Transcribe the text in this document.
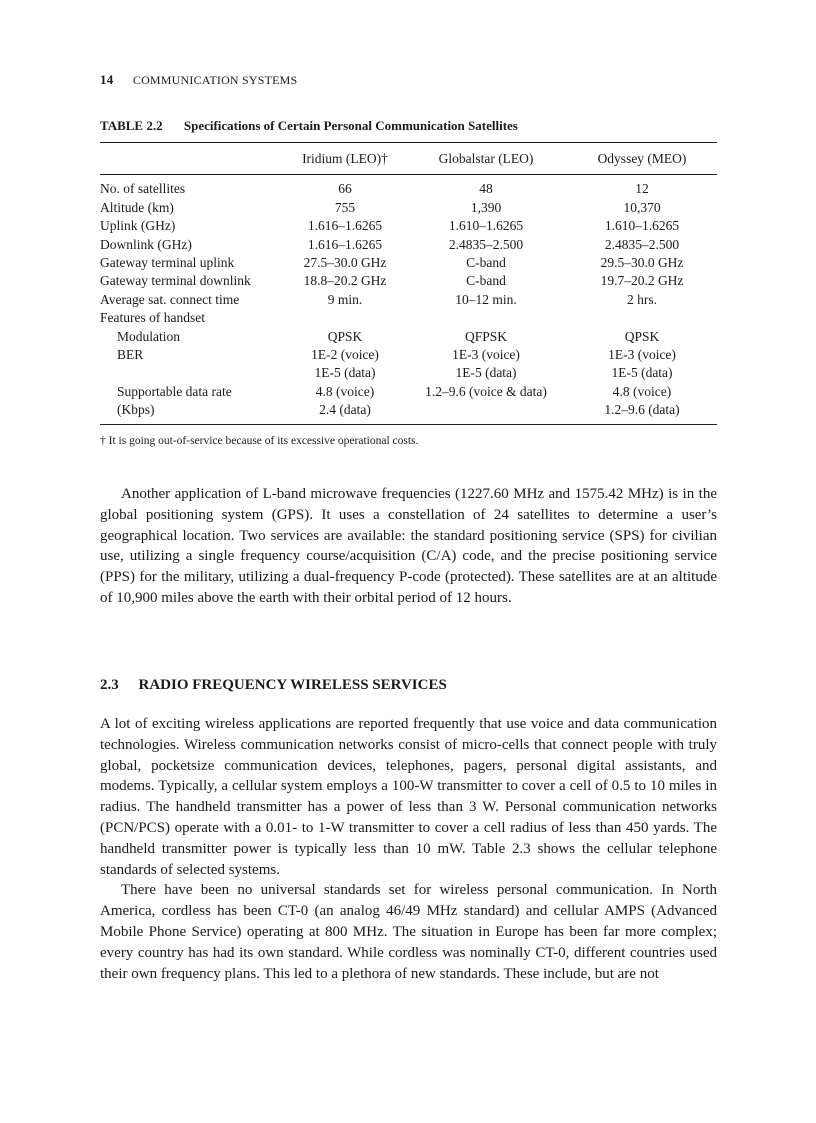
14 COMMUNICATION SYSTEMS
TABLE 2.2 Specifications of Certain Personal Communication Satellites
	Iridium (LEO)†	Globalstar (LEO)	Odyssey (MEO)
No. of satellites	66	48	12
Altitude (km)	755	1,390	10,370
Uplink (GHz)	1.616–1.6265	1.610–1.6265	1.610–1.6265
Downlink (GHz)	1.616–1.6265	2.4835–2.500	2.4835–2.500
Gateway terminal uplink	27.5–30.0 GHz	C-band	29.5–30.0 GHz
Gateway terminal downlink	18.8–20.2 GHz	C-band	19.7–20.2 GHz
Average sat. connect time	9 min.	10–12 min.	2 hrs.
Features of handset			
Modulation	QPSK	QFPSK	QPSK
BER	1E-2 (voice)	1E-3 (voice)	1E-3 (voice)
	1E-5 (data)	1E-5 (data)	1E-5 (data)
Supportable data rate	4.8 (voice)	1.2–9.6 (voice & data)	4.8 (voice)
(Kbps)	2.4 (data)		1.2–9.6 (data)
† It is going out-of-service because of its excessive operational costs.

Another application of L-band microwave frequencies (1227.60 MHz and 1575.42 MHz) is in the global positioning system (GPS). It uses a constellation of 24 satellites to determine a user’s geographical location. Two services are available: the standard positioning service (SPS) for civilian use, utilizing a single frequency course/acquisition (C/A) code, and the precise positioning service (PPS) for the military, utilizing a dual-frequency P-code (protected). These satellites are at an altitude of 10,900 miles above the earth with their orbital period of 12 hours.

2.3 RADIO FREQUENCY WIRELESS SERVICES

A lot of exciting wireless applications are reported frequently that use voice and data communication technologies. Wireless communication networks consist of micro-cells that connect people with truly global, pocketsize communication devices, telephones, pagers, personal digital assistants, and modems. Typically, a cellular system employs a 100-W transmitter to cover a cell of 0.5 to 10 miles in radius. The handheld transmitter has a power of less than 3 W. Personal communication networks (PCN/PCS) operate with a 0.01- to 1-W transmitter to cover a cell radius of less than 450 yards. The handheld transmitter power is typically less than 10 mW. Table 2.3 shows the cellular telephone standards of selected systems.

There have been no universal standards set for wireless personal communication. In North America, cordless has been CT-0 (an analog 46/49 MHz standard) and cellular AMPS (Advanced Mobile Phone Service) operating at 800 MHz. The situation in Europe has been far more complex; every country has had its own standard. While cordless was nominally CT-0, different countries used their own frequency plans. This led to a plethora of new standards. These include, but are not
